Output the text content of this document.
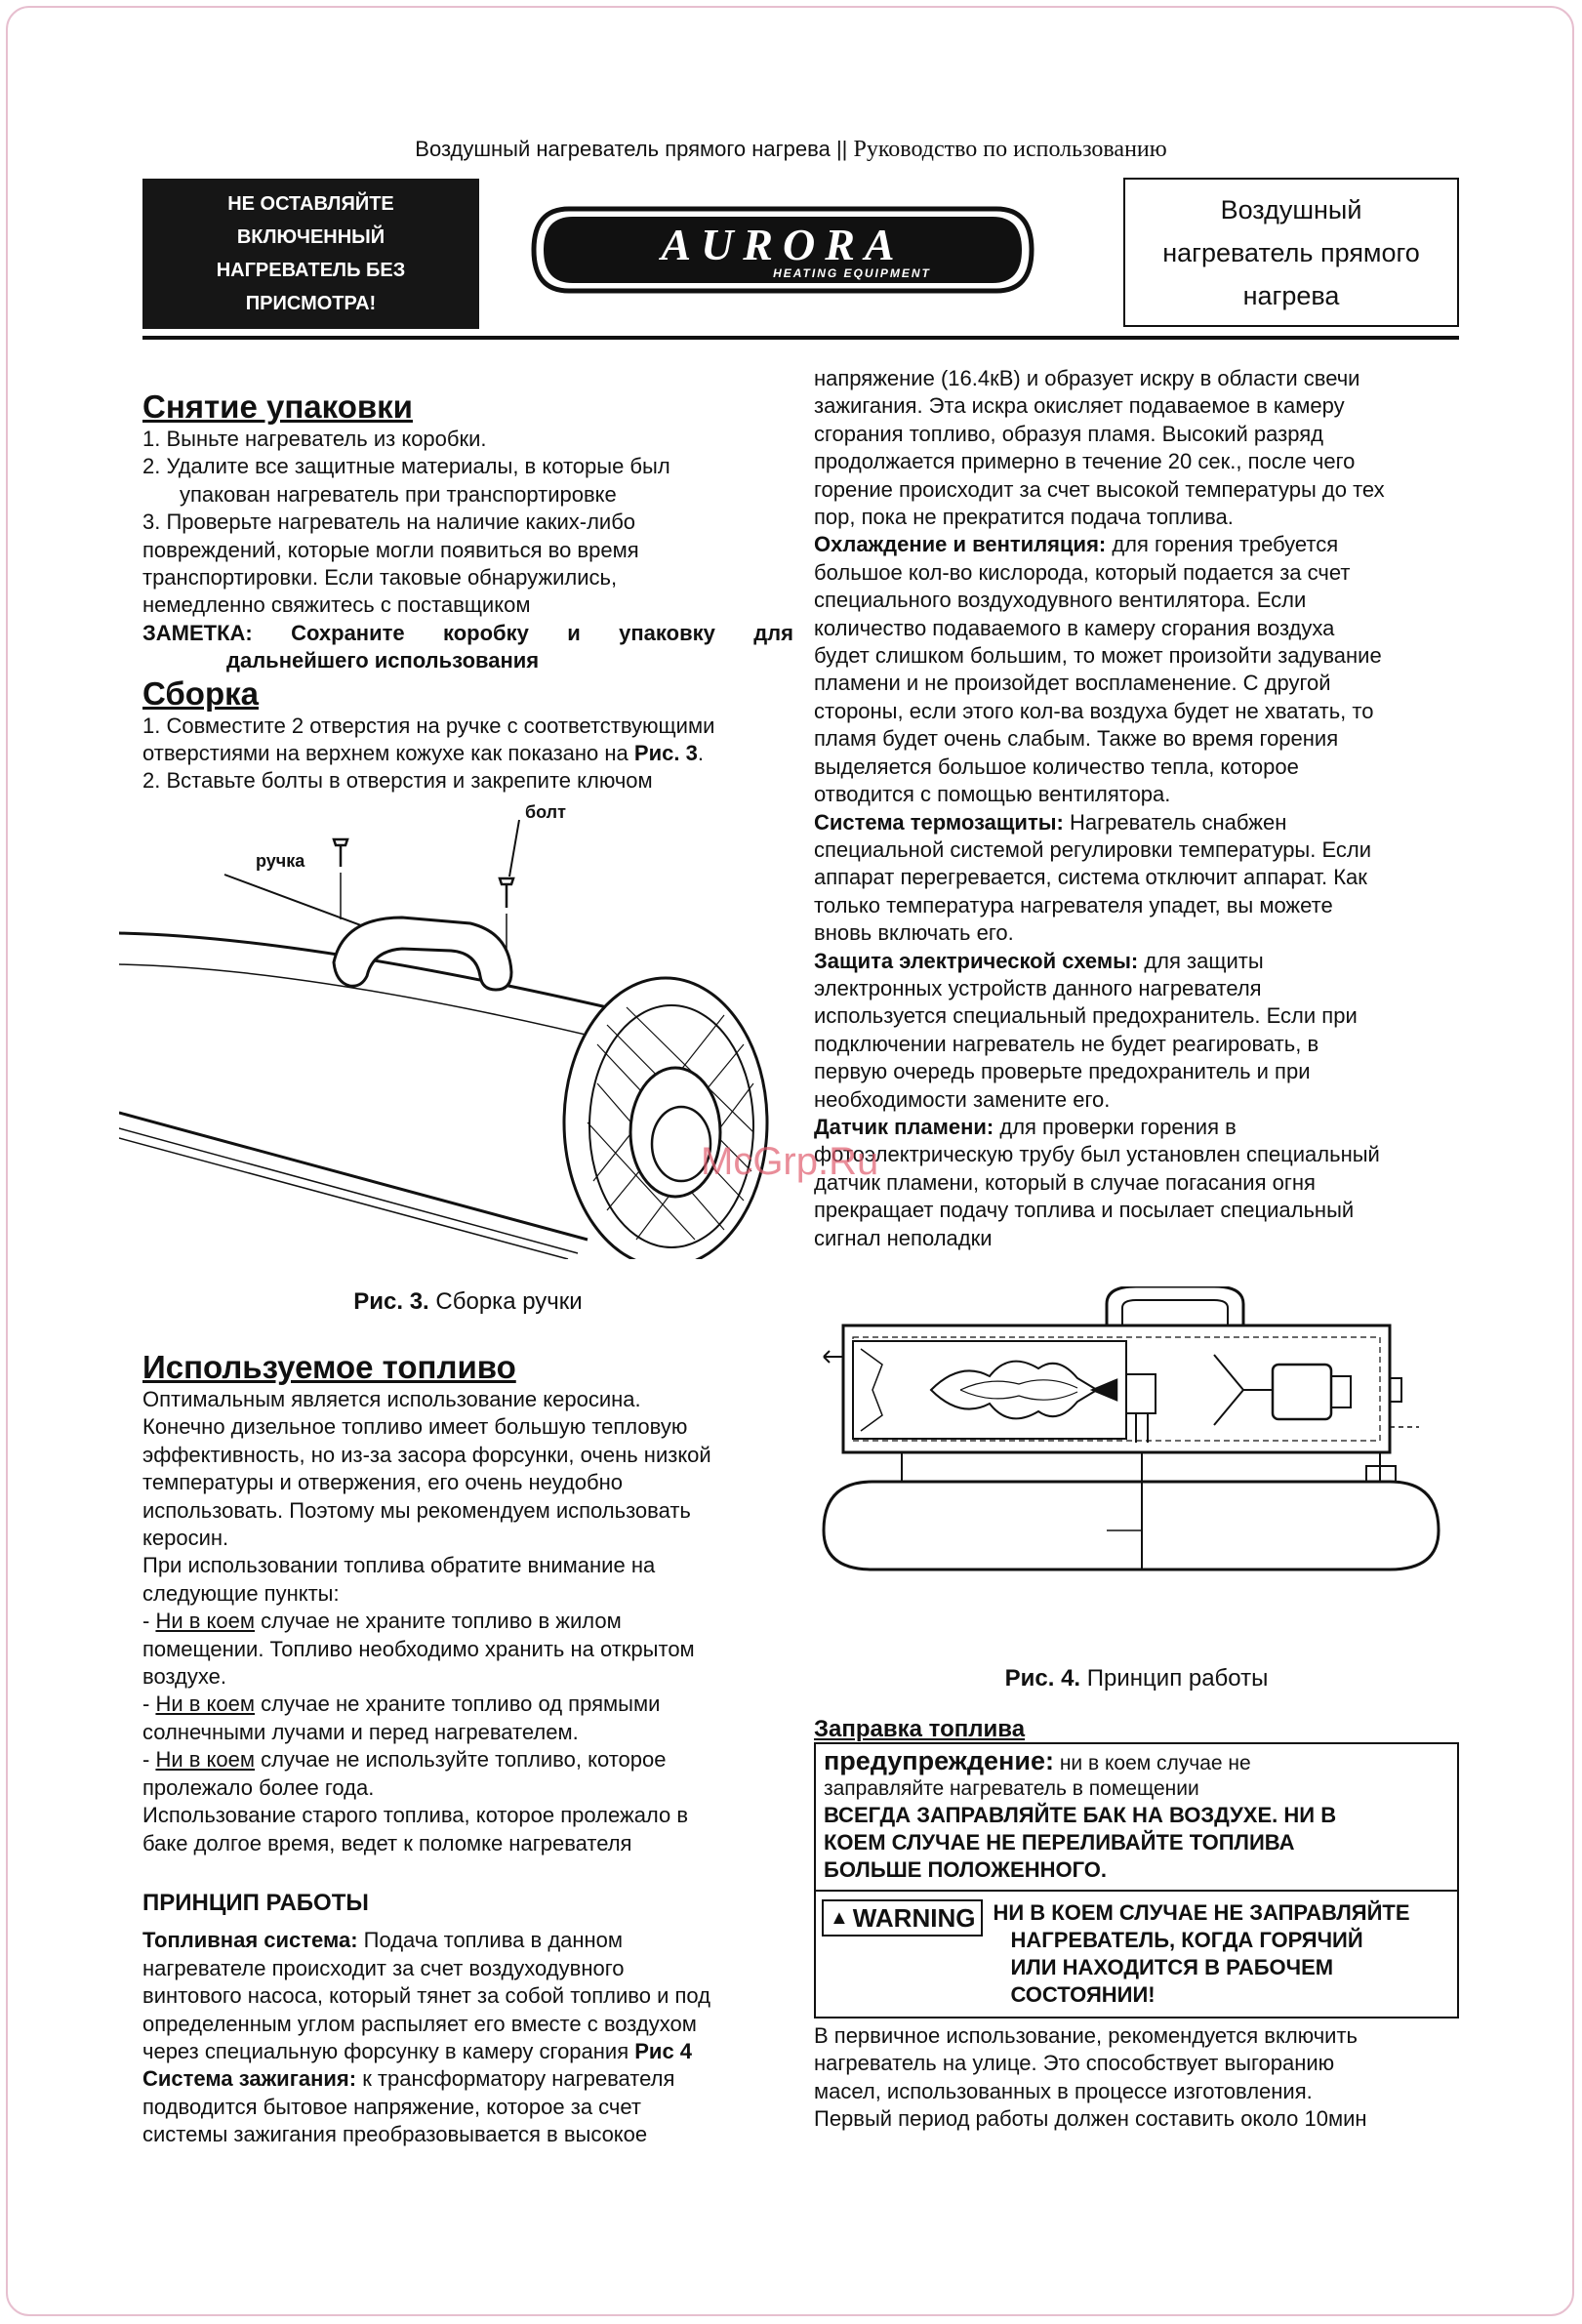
Воздушный нагреватель прямого нагрева || Руководство по использованию
НЕ ОСТАВЛЯЙТЕ
ВКЛЮЧЕННЫЙ
НАГРЕВАТЕЛЬ БЕЗ
ПРИСМОТРА!
AURORA
HEATING EQUIPMENT
Воздушный
нагреватель прямого
нагрева

Снятие упаковки

1. Выньте нагреватель из коробки.

2. Удалите все защитные материалы, в которые был

упакован нагреватель при транспортировке

3. Проверьте нагреватель на наличие каких-либо

повреждений, которые могли появиться во время

транспортировки. Если таковые обнаружились,

немедленно свяжитесь с поставщиком

ЗАМЕТКА: Сохраните коробку и упаковку для

дальнейшего использования

Сборка

1. Совместите 2 отверстия на ручке с соответствующими

отверстиями на верхнем кожухе как показано на Рис. 3.

2. Вставьте болты в отверстия и закрепите ключом

болт
ручка
Рис. 3. Сборка ручки

Используемое топливо

Оптимальным является использование керосина.

Конечно дизельное топливо имеет большую тепловую

эффективность, но из-за засора форсунки, очень низкой

температуры и отвержения, его очень неудобно

использовать. Поэтому мы рекомендуем использовать

керосин.

При использовании топлива обратите внимание на

следующие пункты:

- Ни в коем случае не храните топливо в жилом

помещении. Топливо необходимо хранить на открытом

воздухе.

- Ни в коем случае не храните топливо од прямыми

солнечными лучами и перед нагревателем.

- Ни в коем случае не используйте топливо, которое

пролежало более года.

Использование старого топлива, которое пролежало в

баке долгое время, ведет к поломке нагревателя

ПРИНЦИП РАБОТЫ

Топливная система: Подача топлива в данном

нагревателе происходит за счет воздуходувного

винтового насоса, который тянет за собой топливо и под

определенным углом распыляет его вместе с воздухом

через специальную форсунку в камеру сгорания Рис 4

Система зажигания: к трансформатору нагревателя

подводится бытовое напряжение, которое за счет

системы зажигания преобразовывается в высокое

напряжение (16.4кВ) и образует искру в области свечи

зажигания. Эта искра окисляет подаваемое в камеру

сгорания топливо, образуя пламя. Высокий разряд

продолжается примерно в течение 20 сек., после чего

горение происходит за счет высокой температуры до тех

пор, пока не прекратится подача топлива.

Охлаждение и вентиляция: для горения требуется

большое кол-во кислорода, который подается за счет

специального воздуходувного вентилятора. Если

количество подаваемого в камеру сгорания воздуха

будет слишком большим, то может произойти задувание

пламени и не произойдет воспламенение. С другой

стороны, если этого кол-ва воздуха будет не хватать, то

пламя будет очень слабым. Также во время горения

выделяется большое количество тепла, которое

отводится с помощью вентилятора.

Система термозащиты: Нагреватель снабжен

специальной системой регулировки температуры. Если

аппарат перегревается, система отключит аппарат. Как

только температура нагревателя упадет, вы можете

вновь включать его.

Защита электрической схемы: для защиты

электронных устройств данного нагревателя

используется специальный предохранитель. Если при

подключении нагреватель не будет реагировать, в

первую очередь проверьте предохранитель и при

необходимости замените его.

Датчик пламени: для проверки горения в

фотоэлектрическую трубу был установлен специальный

датчик пламени, который в случае погасания огня

прекращает подачу топлива и посылает специальный

сигнал неполадки

McGrp.Ru
Рис. 4. Принцип работы

Заправка топлива

предупреждение: ни в коем случае не

заправляйте нагреватель в помещении

ВСЕГДА ЗАПРАВЛЯЙТЕ БАК НА ВОЗДУХЕ. НИ В

КОЕМ СЛУЧАЕ НЕ ПЕРЕЛИВАЙТЕ ТОПЛИВА

БОЛЬШЕ ПОЛОЖЕННОГО.

▲ WARNING НИ В КОЕМ СЛУЧАЕ НЕ ЗАПРАВЛЯЙТЕ

НАГРЕВАТЕЛЬ, КОГДА ГОРЯЧИЙ

ИЛИ НАХОДИТСЯ В РАБОЧЕМ

СОСТОЯНИИ!

В первичное использование, рекомендуется включить

нагреватель на улице. Это способствует выгоранию

масел, использованных в процессе изготовления.

Первый период работы должен составить около 10мин
